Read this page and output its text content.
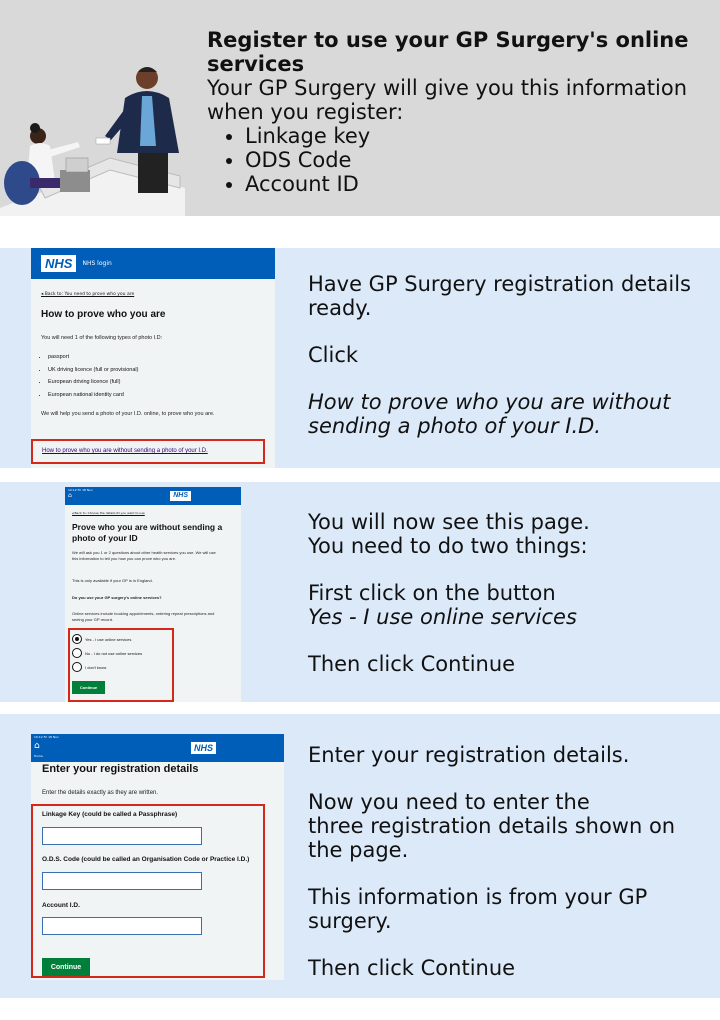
Register to use your GP Surgery's online services
Your GP Surgery will give you this information when you register:
• Linkage key
• ODS Code
• Account ID
NHS	NHS login
◂ Back to: You need to prove who you are
How to prove who you are
You will need 1 of the following types of photo I.D:
• passport
• UK driving licence (full or provisional)
• European driving licence (full)
• European national identity card
We will help you send a photo of your I.D. online, to prove who you are.
How to prove who you are without sending a photo of your I.D.

Have GP Surgery registration details ready.

Click

How to prove who you are without sending a photo of your I.D.

10:12 Fri 18 Nov
⌂	NHS
◂ Back to: Choose the details ID you want to use
Prove who you are without sending a photo of your ID
We will ask you 1 or 2 questions about other health services you use. We will use this information to tell you how you can prove who you are.
This is only available if your GP is in England.
Do you use your GP surgery's online services?
Online services include booking appointments, ordering repeat prescriptions and seeing your GP record.
Yes - I use online services
No - I do not use online services
I don't know
Continue

You will now see this page.

You need to do two things:

First click on the button

Yes - I use online services

Then click Continue

10:12 Fri 18 Nov
⌂
Home
NHS
Enter your registration details
Enter the details exactly as they are written.
Linkage Key (could be called a Passphrase)
O.D.S. Code (could be called an Organisation Code or Practice I.D.)
Account I.D.
Continue

Enter your registration details.

Now you need to enter the

three registration details shown on the page.

This information is from your GP surgery.

Then click Continue
